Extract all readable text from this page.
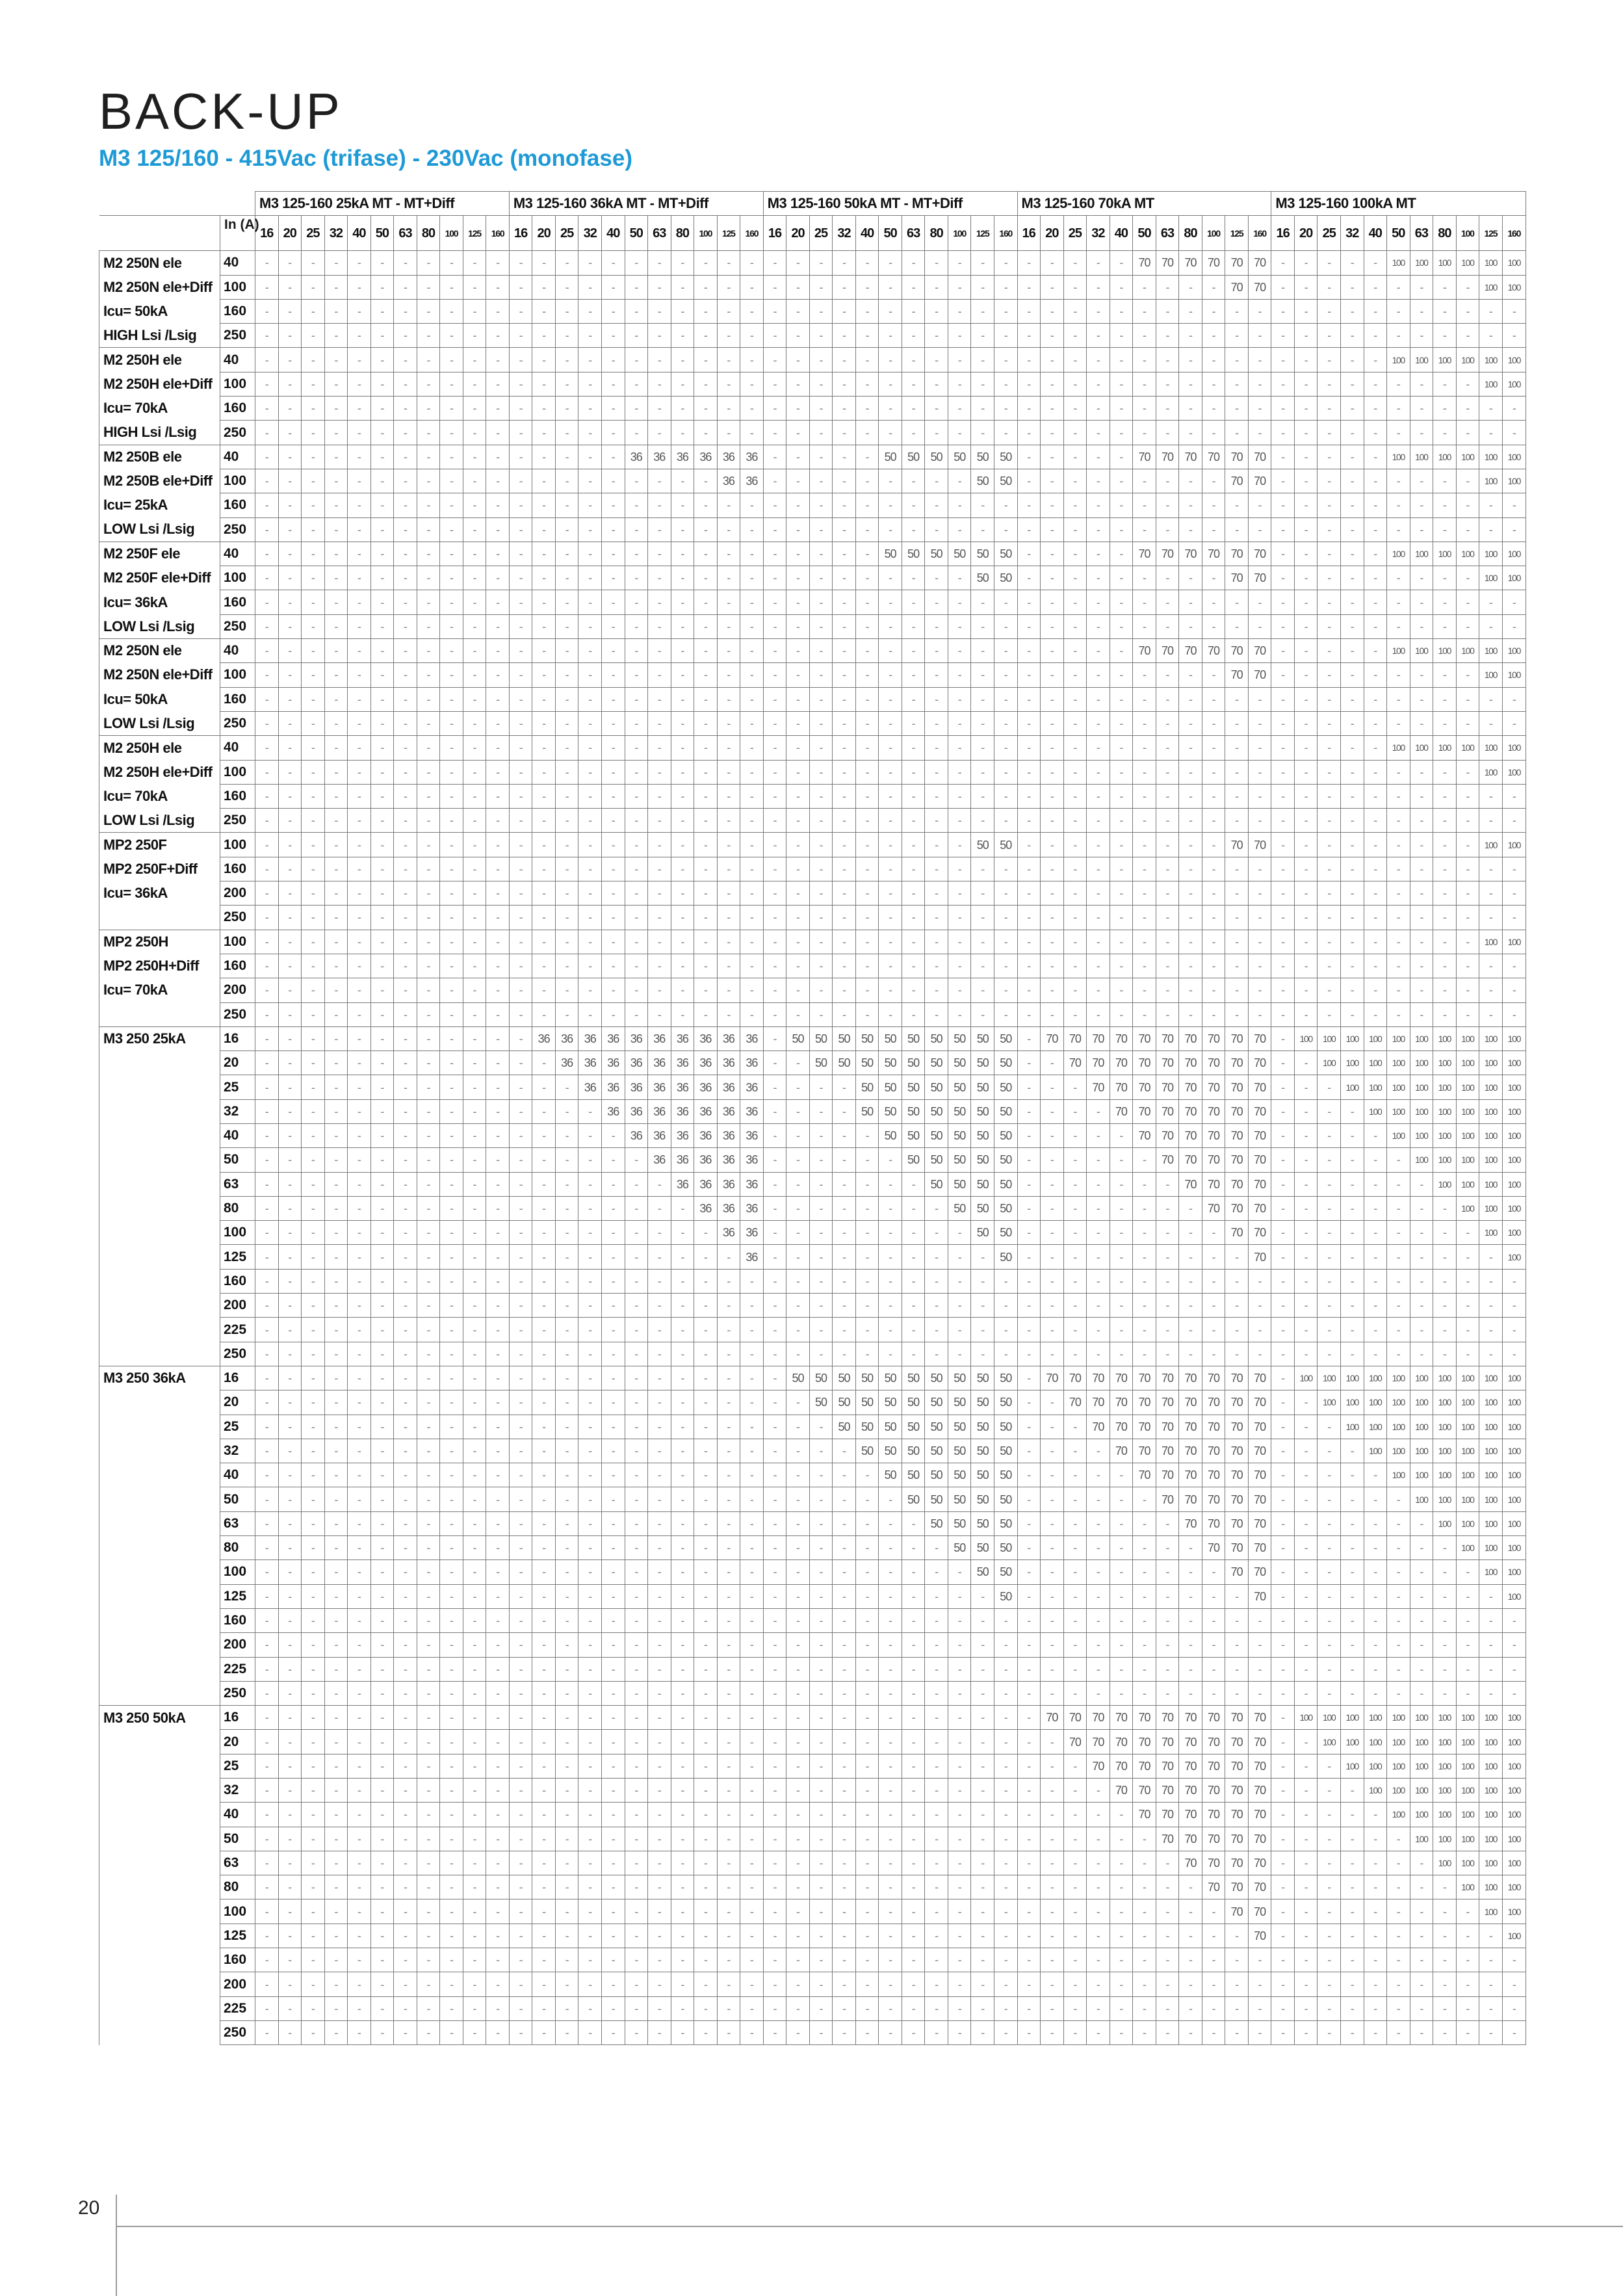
BACK-UP
M3 125/160 - 415Vac (trifase) - 230Vac (monofase)
		M3 125-160 25kA MT - MT+Diff											M3 125-160 36kA MT - MT+Diff											M3 125-160 50kA MT - MT+Diff											M3 125-160 70kA MT											M3 125-160 100kA MT										
	In (A)	16	20	25	32	40	50	63	80	100	125	160	16	20	25	32	40	50	63	80	100	125	160	16	20	25	32	40	50	63	80	100	125	160	16	20	25	32	40	50	63	80	100	125	160	16	20	25	32	40	50	63	80	100	125	160
M2 250N ele	40	-	-	-	-	-	-	-	-	-	-	-	-	-	-	-	-	-	-	-	-	-	-	-	-	-	-	-	-	-	-	-	-	-	-	-	-	-	-	70	70	70	70	70	70	-	-	-	-	-	100	100	100	100	100	100
M2 250N ele+Diff	100	-	-	-	-	-	-	-	-	-	-	-	-	-	-	-	-	-	-	-	-	-	-	-	-	-	-	-	-	-	-	-	-	-	-	-	-	-	-	-	-	-	-	70	70	-	-	-	-	-	-	-	-	-	100	100
Icu= 50kA	160	-	-	-	-	-	-	-	-	-	-	-	-	-	-	-	-	-	-	-	-	-	-	-	-	-	-	-	-	-	-	-	-	-	-	-	-	-	-	-	-	-	-	-	-	-	-	-	-	-	-	-	-	-	-	-
HIGH Lsi /Lsig	250	-	-	-	-	-	-	-	-	-	-	-	-	-	-	-	-	-	-	-	-	-	-	-	-	-	-	-	-	-	-	-	-	-	-	-	-	-	-	-	-	-	-	-	-	-	-	-	-	-	-	-	-	-	-	-
M2 250H ele	40	-	-	-	-	-	-	-	-	-	-	-	-	-	-	-	-	-	-	-	-	-	-	-	-	-	-	-	-	-	-	-	-	-	-	-	-	-	-	-	-	-	-	-	-	-	-	-	-	-	100	100	100	100	100	100
M2 250H ele+Diff	100	-	-	-	-	-	-	-	-	-	-	-	-	-	-	-	-	-	-	-	-	-	-	-	-	-	-	-	-	-	-	-	-	-	-	-	-	-	-	-	-	-	-	-	-	-	-	-	-	-	-	-	-	-	100	100
Icu= 70kA	160	-	-	-	-	-	-	-	-	-	-	-	-	-	-	-	-	-	-	-	-	-	-	-	-	-	-	-	-	-	-	-	-	-	-	-	-	-	-	-	-	-	-	-	-	-	-	-	-	-	-	-	-	-	-	-
HIGH Lsi /Lsig	250	-	-	-	-	-	-	-	-	-	-	-	-	-	-	-	-	-	-	-	-	-	-	-	-	-	-	-	-	-	-	-	-	-	-	-	-	-	-	-	-	-	-	-	-	-	-	-	-	-	-	-	-	-	-	-
M2 250B ele	40	-	-	-	-	-	-	-	-	-	-	-	-	-	-	-	-	36	36	36	36	36	36	-	-	-	-	-	50	50	50	50	50	50	-	-	-	-	-	70	70	70	70	70	70	-	-	-	-	-	100	100	100	100	100	100
M2 250B ele+Diff	100	-	-	-	-	-	-	-	-	-	-	-	-	-	-	-	-	-	-	-	-	36	36	-	-	-	-	-	-	-	-	-	50	50	-	-	-	-	-	-	-	-	-	70	70	-	-	-	-	-	-	-	-	-	100	100
Icu= 25kA	160	-	-	-	-	-	-	-	-	-	-	-	-	-	-	-	-	-	-	-	-	-	-	-	-	-	-	-	-	-	-	-	-	-	-	-	-	-	-	-	-	-	-	-	-	-	-	-	-	-	-	-	-	-	-	-
LOW Lsi /Lsig	250	-	-	-	-	-	-	-	-	-	-	-	-	-	-	-	-	-	-	-	-	-	-	-	-	-	-	-	-	-	-	-	-	-	-	-	-	-	-	-	-	-	-	-	-	-	-	-	-	-	-	-	-	-	-	-
M2 250F ele	40	-	-	-	-	-	-	-	-	-	-	-	-	-	-	-	-	-	-	-	-	-	-	-	-	-	-	-	50	50	50	50	50	50	-	-	-	-	-	70	70	70	70	70	70	-	-	-	-	-	100	100	100	100	100	100
M2 250F ele+Diff	100	-	-	-	-	-	-	-	-	-	-	-	-	-	-	-	-	-	-	-	-	-	-	-	-	-	-	-	-	-	-	-	50	50	-	-	-	-	-	-	-	-	-	70	70	-	-	-	-	-	-	-	-	-	100	100
Icu= 36kA	160	-	-	-	-	-	-	-	-	-	-	-	-	-	-	-	-	-	-	-	-	-	-	-	-	-	-	-	-	-	-	-	-	-	-	-	-	-	-	-	-	-	-	-	-	-	-	-	-	-	-	-	-	-	-	-
LOW Lsi /Lsig	250	-	-	-	-	-	-	-	-	-	-	-	-	-	-	-	-	-	-	-	-	-	-	-	-	-	-	-	-	-	-	-	-	-	-	-	-	-	-	-	-	-	-	-	-	-	-	-	-	-	-	-	-	-	-	-
M2 250N ele	40	-	-	-	-	-	-	-	-	-	-	-	-	-	-	-	-	-	-	-	-	-	-	-	-	-	-	-	-	-	-	-	-	-	-	-	-	-	-	70	70	70	70	70	70	-	-	-	-	-	100	100	100	100	100	100
M2 250N ele+Diff	100	-	-	-	-	-	-	-	-	-	-	-	-	-	-	-	-	-	-	-	-	-	-	-	-	-	-	-	-	-	-	-	-	-	-	-	-	-	-	-	-	-	-	70	70	-	-	-	-	-	-	-	-	-	100	100
Icu= 50kA	160	-	-	-	-	-	-	-	-	-	-	-	-	-	-	-	-	-	-	-	-	-	-	-	-	-	-	-	-	-	-	-	-	-	-	-	-	-	-	-	-	-	-	-	-	-	-	-	-	-	-	-	-	-	-	-
LOW Lsi /Lsig	250	-	-	-	-	-	-	-	-	-	-	-	-	-	-	-	-	-	-	-	-	-	-	-	-	-	-	-	-	-	-	-	-	-	-	-	-	-	-	-	-	-	-	-	-	-	-	-	-	-	-	-	-	-	-	-
M2 250H ele	40	-	-	-	-	-	-	-	-	-	-	-	-	-	-	-	-	-	-	-	-	-	-	-	-	-	-	-	-	-	-	-	-	-	-	-	-	-	-	-	-	-	-	-	-	-	-	-	-	-	100	100	100	100	100	100
M2 250H ele+Diff	100	-	-	-	-	-	-	-	-	-	-	-	-	-	-	-	-	-	-	-	-	-	-	-	-	-	-	-	-	-	-	-	-	-	-	-	-	-	-	-	-	-	-	-	-	-	-	-	-	-	-	-	-	-	100	100
Icu= 70kA	160	-	-	-	-	-	-	-	-	-	-	-	-	-	-	-	-	-	-	-	-	-	-	-	-	-	-	-	-	-	-	-	-	-	-	-	-	-	-	-	-	-	-	-	-	-	-	-	-	-	-	-	-	-	-	-
LOW Lsi /Lsig	250	-	-	-	-	-	-	-	-	-	-	-	-	-	-	-	-	-	-	-	-	-	-	-	-	-	-	-	-	-	-	-	-	-	-	-	-	-	-	-	-	-	-	-	-	-	-	-	-	-	-	-	-	-	-	-
MP2 250F	100	-	-	-	-	-	-	-	-	-	-	-	-	-	-	-	-	-	-	-	-	-	-	-	-	-	-	-	-	-	-	-	50	50	-	-	-	-	-	-	-	-	-	70	70	-	-	-	-	-	-	-	-	-	100	100
MP2 250F+Diff	160	-	-	-	-	-	-	-	-	-	-	-	-	-	-	-	-	-	-	-	-	-	-	-	-	-	-	-	-	-	-	-	-	-	-	-	-	-	-	-	-	-	-	-	-	-	-	-	-	-	-	-	-	-	-	-
Icu= 36kA	200	-	-	-	-	-	-	-	-	-	-	-	-	-	-	-	-	-	-	-	-	-	-	-	-	-	-	-	-	-	-	-	-	-	-	-	-	-	-	-	-	-	-	-	-	-	-	-	-	-	-	-	-	-	-	-
	250	-	-	-	-	-	-	-	-	-	-	-	-	-	-	-	-	-	-	-	-	-	-	-	-	-	-	-	-	-	-	-	-	-	-	-	-	-	-	-	-	-	-	-	-	-	-	-	-	-	-	-	-	-	-	-
MP2 250H	100	-	-	-	-	-	-	-	-	-	-	-	-	-	-	-	-	-	-	-	-	-	-	-	-	-	-	-	-	-	-	-	-	-	-	-	-	-	-	-	-	-	-	-	-	-	-	-	-	-	-	-	-	-	100	100
MP2 250H+Diff	160	-	-	-	-	-	-	-	-	-	-	-	-	-	-	-	-	-	-	-	-	-	-	-	-	-	-	-	-	-	-	-	-	-	-	-	-	-	-	-	-	-	-	-	-	-	-	-	-	-	-	-	-	-	-	-
Icu= 70kA	200	-	-	-	-	-	-	-	-	-	-	-	-	-	-	-	-	-	-	-	-	-	-	-	-	-	-	-	-	-	-	-	-	-	-	-	-	-	-	-	-	-	-	-	-	-	-	-	-	-	-	-	-	-	-	-
	250	-	-	-	-	-	-	-	-	-	-	-	-	-	-	-	-	-	-	-	-	-	-	-	-	-	-	-	-	-	-	-	-	-	-	-	-	-	-	-	-	-	-	-	-	-	-	-	-	-	-	-	-	-	-	-
M3 250 25kA	16	-	-	-	-	-	-	-	-	-	-	-	-	36	36	36	36	36	36	36	36	36	36	-	50	50	50	50	50	50	50	50	50	50	-	70	70	70	70	70	70	70	70	70	70	-	100	100	100	100	100	100	100	100	100	100
	20	-	-	-	-	-	-	-	-	-	-	-	-	-	36	36	36	36	36	36	36	36	36	-	-	50	50	50	50	50	50	50	50	50	-	-	70	70	70	70	70	70	70	70	70	-	-	100	100	100	100	100	100	100	100	100
	25	-	-	-	-	-	-	-	-	-	-	-	-	-	-	36	36	36	36	36	36	36	36	-	-	-	-	50	50	50	50	50	50	50	-	-	-	70	70	70	70	70	70	70	70	-	-	-	100	100	100	100	100	100	100	100
	32	-	-	-	-	-	-	-	-	-	-	-	-	-	-	-	36	36	36	36	36	36	36	-	-	-	-	50	50	50	50	50	50	50	-	-	-	-	70	70	70	70	70	70	70	-	-	-	-	100	100	100	100	100	100	100
	40	-	-	-	-	-	-	-	-	-	-	-	-	-	-	-	-	36	36	36	36	36	36	-	-	-	-	-	50	50	50	50	50	50	-	-	-	-	-	70	70	70	70	70	70	-	-	-	-	-	100	100	100	100	100	100
	50	-	-	-	-	-	-	-	-	-	-	-	-	-	-	-	-	-	36	36	36	36	36	-	-	-	-	-	-	50	50	50	50	50	-	-	-	-	-	-	70	70	70	70	70	-	-	-	-	-	-	100	100	100	100	100
	63	-	-	-	-	-	-	-	-	-	-	-	-	-	-	-	-	-	-	36	36	36	36	-	-	-	-	-	-	-	50	50	50	50	-	-	-	-	-	-	-	70	70	70	70	-	-	-	-	-	-	-	100	100	100	100
	80	-	-	-	-	-	-	-	-	-	-	-	-	-	-	-	-	-	-	-	36	36	36	-	-	-	-	-	-	-	-	50	50	50	-	-	-	-	-	-	-	-	70	70	70	-	-	-	-	-	-	-	-	100	100	100
	100	-	-	-	-	-	-	-	-	-	-	-	-	-	-	-	-	-	-	-	-	36	36	-	-	-	-	-	-	-	-	-	50	50	-	-	-	-	-	-	-	-	-	70	70	-	-	-	-	-	-	-	-	-	100	100
	125	-	-	-	-	-	-	-	-	-	-	-	-	-	-	-	-	-	-	-	-	-	36	-	-	-	-	-	-	-	-	-	-	50	-	-	-	-	-	-	-	-	-	-	70	-	-	-	-	-	-	-	-	-	-	100
	160	-	-	-	-	-	-	-	-	-	-	-	-	-	-	-	-	-	-	-	-	-	-	-	-	-	-	-	-	-	-	-	-	-	-	-	-	-	-	-	-	-	-	-	-	-	-	-	-	-	-	-	-	-	-	-
	200	-	-	-	-	-	-	-	-	-	-	-	-	-	-	-	-	-	-	-	-	-	-	-	-	-	-	-	-	-	-	-	-	-	-	-	-	-	-	-	-	-	-	-	-	-	-	-	-	-	-	-	-	-	-	-
	225	-	-	-	-	-	-	-	-	-	-	-	-	-	-	-	-	-	-	-	-	-	-	-	-	-	-	-	-	-	-	-	-	-	-	-	-	-	-	-	-	-	-	-	-	-	-	-	-	-	-	-	-	-	-	-
	250	-	-	-	-	-	-	-	-	-	-	-	-	-	-	-	-	-	-	-	-	-	-	-	-	-	-	-	-	-	-	-	-	-	-	-	-	-	-	-	-	-	-	-	-	-	-	-	-	-	-	-	-	-	-	-
M3 250 36kA	16	-	-	-	-	-	-	-	-	-	-	-	-	-	-	-	-	-	-	-	-	-	-	-	50	50	50	50	50	50	50	50	50	50	-	70	70	70	70	70	70	70	70	70	70	-	100	100	100	100	100	100	100	100	100	100
	20	-	-	-	-	-	-	-	-	-	-	-	-	-	-	-	-	-	-	-	-	-	-	-	-	50	50	50	50	50	50	50	50	50	-	-	70	70	70	70	70	70	70	70	70	-	-	100	100	100	100	100	100	100	100	100
	25	-	-	-	-	-	-	-	-	-	-	-	-	-	-	-	-	-	-	-	-	-	-	-	-	-	50	50	50	50	50	50	50	50	-	-	-	70	70	70	70	70	70	70	70	-	-	-	100	100	100	100	100	100	100	100
	32	-	-	-	-	-	-	-	-	-	-	-	-	-	-	-	-	-	-	-	-	-	-	-	-	-	-	50	50	50	50	50	50	50	-	-	-	-	70	70	70	70	70	70	70	-	-	-	-	100	100	100	100	100	100	100
	40	-	-	-	-	-	-	-	-	-	-	-	-	-	-	-	-	-	-	-	-	-	-	-	-	-	-	-	50	50	50	50	50	50	-	-	-	-	-	70	70	70	70	70	70	-	-	-	-	-	100	100	100	100	100	100
	50	-	-	-	-	-	-	-	-	-	-	-	-	-	-	-	-	-	-	-	-	-	-	-	-	-	-	-	-	50	50	50	50	50	-	-	-	-	-	-	70	70	70	70	70	-	-	-	-	-	-	100	100	100	100	100
	63	-	-	-	-	-	-	-	-	-	-	-	-	-	-	-	-	-	-	-	-	-	-	-	-	-	-	-	-	-	50	50	50	50	-	-	-	-	-	-	-	70	70	70	70	-	-	-	-	-	-	-	100	100	100	100
	80	-	-	-	-	-	-	-	-	-	-	-	-	-	-	-	-	-	-	-	-	-	-	-	-	-	-	-	-	-	-	50	50	50	-	-	-	-	-	-	-	-	70	70	70	-	-	-	-	-	-	-	-	100	100	100
	100	-	-	-	-	-	-	-	-	-	-	-	-	-	-	-	-	-	-	-	-	-	-	-	-	-	-	-	-	-	-	-	50	50	-	-	-	-	-	-	-	-	-	70	70	-	-	-	-	-	-	-	-	-	100	100
	125	-	-	-	-	-	-	-	-	-	-	-	-	-	-	-	-	-	-	-	-	-	-	-	-	-	-	-	-	-	-	-	-	50	-	-	-	-	-	-	-	-	-	-	70	-	-	-	-	-	-	-	-	-	-	100
	160	-	-	-	-	-	-	-	-	-	-	-	-	-	-	-	-	-	-	-	-	-	-	-	-	-	-	-	-	-	-	-	-	-	-	-	-	-	-	-	-	-	-	-	-	-	-	-	-	-	-	-	-	-	-	-
	200	-	-	-	-	-	-	-	-	-	-	-	-	-	-	-	-	-	-	-	-	-	-	-	-	-	-	-	-	-	-	-	-	-	-	-	-	-	-	-	-	-	-	-	-	-	-	-	-	-	-	-	-	-	-	-
	225	-	-	-	-	-	-	-	-	-	-	-	-	-	-	-	-	-	-	-	-	-	-	-	-	-	-	-	-	-	-	-	-	-	-	-	-	-	-	-	-	-	-	-	-	-	-	-	-	-	-	-	-	-	-	-
	250	-	-	-	-	-	-	-	-	-	-	-	-	-	-	-	-	-	-	-	-	-	-	-	-	-	-	-	-	-	-	-	-	-	-	-	-	-	-	-	-	-	-	-	-	-	-	-	-	-	-	-	-	-	-	-
M3 250 50kA	16	-	-	-	-	-	-	-	-	-	-	-	-	-	-	-	-	-	-	-	-	-	-	-	-	-	-	-	-	-	-	-	-	-	-	70	70	70	70	70	70	70	70	70	70	-	100	100	100	100	100	100	100	100	100	100
	20	-	-	-	-	-	-	-	-	-	-	-	-	-	-	-	-	-	-	-	-	-	-	-	-	-	-	-	-	-	-	-	-	-	-	-	70	70	70	70	70	70	70	70	70	-	-	100	100	100	100	100	100	100	100	100
	25	-	-	-	-	-	-	-	-	-	-	-	-	-	-	-	-	-	-	-	-	-	-	-	-	-	-	-	-	-	-	-	-	-	-	-	-	70	70	70	70	70	70	70	70	-	-	-	100	100	100	100	100	100	100	100
	32	-	-	-	-	-	-	-	-	-	-	-	-	-	-	-	-	-	-	-	-	-	-	-	-	-	-	-	-	-	-	-	-	-	-	-	-	-	70	70	70	70	70	70	70	-	-	-	-	100	100	100	100	100	100	100
	40	-	-	-	-	-	-	-	-	-	-	-	-	-	-	-	-	-	-	-	-	-	-	-	-	-	-	-	-	-	-	-	-	-	-	-	-	-	-	70	70	70	70	70	70	-	-	-	-	-	100	100	100	100	100	100
	50	-	-	-	-	-	-	-	-	-	-	-	-	-	-	-	-	-	-	-	-	-	-	-	-	-	-	-	-	-	-	-	-	-	-	-	-	-	-	-	70	70	70	70	70	-	-	-	-	-	-	100	100	100	100	100
	63	-	-	-	-	-	-	-	-	-	-	-	-	-	-	-	-	-	-	-	-	-	-	-	-	-	-	-	-	-	-	-	-	-	-	-	-	-	-	-	-	70	70	70	70	-	-	-	-	-	-	-	100	100	100	100
	80	-	-	-	-	-	-	-	-	-	-	-	-	-	-	-	-	-	-	-	-	-	-	-	-	-	-	-	-	-	-	-	-	-	-	-	-	-	-	-	-	-	70	70	70	-	-	-	-	-	-	-	-	100	100	100
	100	-	-	-	-	-	-	-	-	-	-	-	-	-	-	-	-	-	-	-	-	-	-	-	-	-	-	-	-	-	-	-	-	-	-	-	-	-	-	-	-	-	-	70	70	-	-	-	-	-	-	-	-	-	100	100
	125	-	-	-	-	-	-	-	-	-	-	-	-	-	-	-	-	-	-	-	-	-	-	-	-	-	-	-	-	-	-	-	-	-	-	-	-	-	-	-	-	-	-	-	70	-	-	-	-	-	-	-	-	-	-	100
	160	-	-	-	-	-	-	-	-	-	-	-	-	-	-	-	-	-	-	-	-	-	-	-	-	-	-	-	-	-	-	-	-	-	-	-	-	-	-	-	-	-	-	-	-	-	-	-	-	-	-	-	-	-	-	-
	200	-	-	-	-	-	-	-	-	-	-	-	-	-	-	-	-	-	-	-	-	-	-	-	-	-	-	-	-	-	-	-	-	-	-	-	-	-	-	-	-	-	-	-	-	-	-	-	-	-	-	-	-	-	-	-
	225	-	-	-	-	-	-	-	-	-	-	-	-	-	-	-	-	-	-	-	-	-	-	-	-	-	-	-	-	-	-	-	-	-	-	-	-	-	-	-	-	-	-	-	-	-	-	-	-	-	-	-	-	-	-	-
	250	-	-	-	-	-	-	-	-	-	-	-	-	-	-	-	-	-	-	-	-	-	-	-	-	-	-	-	-	-	-	-	-	-	-	-	-	-	-	-	-	-	-	-	-	-	-	-	-	-	-	-	-	-	-	-
20
